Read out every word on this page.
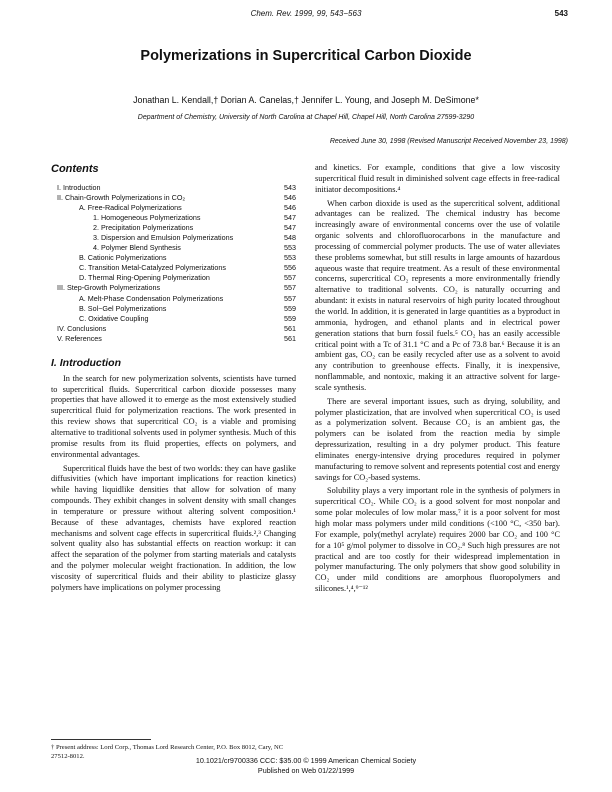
Chem. Rev. 1999, 99, 543−563	543
Polymerizations in Supercritical Carbon Dioxide
Jonathan L. Kendall,† Dorian A. Canelas,† Jennifer L. Young, and Joseph M. DeSimone*
Department of Chemistry, University of North Carolina at Chapel Hill, Chapel Hill, North Carolina 27599-3290
Received June 30, 1998 (Revised Manuscript Received November 23, 1998)
Contents
I. Introduction	543
II. Chain-Growth Polymerizations in CO₂	546
A. Free-Radical Polymerizations	546
1. Homogeneous Polymerizations	547
2. Precipitation Polymerizations	547
3. Dispersion and Emulsion Polymerizations	548
4. Polymer Blend Synthesis	553
B. Cationic Polymerizations	553
C. Transition Metal-Catalyzed Polymerizations	556
D. Thermal Ring-Opening Polymerization	557
III. Step-Growth Polymerizations	557
A. Melt-Phase Condensation Polymerizations	557
B. Sol−Gel Polymerizations	559
C. Oxidative Coupling	559
IV. Conclusions	561
V. References	561
I. Introduction

In the search for new polymerization solvents, scientists have turned to supercritical fluids. Supercritical carbon dioxide possesses many properties that have allowed it to emerge as the most extensively studied supercritical fluid for polymerization reactions. The work presented in this review shows that supercritical CO₂ is a viable and promising alternative to traditional solvents used in polymer synthesis. Much of this promise results from its fluid properties, effects on polymers, and environmental advantages.

Supercritical fluids have the best of two worlds: they can have gaslike diffusivities (which have important implications for reaction kinetics) while having liquidlike densities that allow for solvation of many compounds. They exhibit changes in solvent density with small changes in temperature or pressure without altering solvent composition.¹ Because of these advantages, chemists have explored reaction mechanisms and solvent cage effects in supercritical fluids.²,³ Changing solvent quality also has substantial effects on reaction workup: it can affect the separation of the polymer from starting materials and catalysts and the polymer molecular weight fractionation. In addition, the low viscosity of supercritical fluids and their ability to plasticize glassy polymers have implications on polymer processing

and kinetics. For example, conditions that give a low viscosity supercritical fluid result in diminished solvent cage effects in free-radical initiator decompositions.⁴

When carbon dioxide is used as the supercritical solvent, additional advantages can be realized. The chemical industry has become increasingly aware of environmental concerns over the use of volatile organic solvents and chlorofluorocarbons in the manufacture and processing of commercial polymer products. The use of water alleviates these problems somewhat, but still results in large amounts of hazardous aqueous waste that require treatment. As a result of these environmental concerns, supercritical CO₂ represents a more environmentally friendly alternative to traditional solvents. CO₂ is naturally occurring and abundant: it exists in natural reservoirs of high purity located throughout the world. In addition, it is generated in large quantities as a byproduct in ammonia, hydrogen, and ethanol plants and in electrical power generation stations that burn fossil fuels.⁵ CO₂ has an easily accessible critical point with a Tc of 31.1 °C and a Pc of 73.8 bar.⁶ Because it is an ambient gas, CO₂ can be easily recycled after use as a solvent to avoid any contribution to greenhouse effects. Finally, it is inexpensive, nonflammable, and nontoxic, making it an attractive solvent for large-scale synthesis.

There are several important issues, such as drying, solubility, and polymer plasticization, that are involved when supercritical CO₂ is used as a polymerization solvent. Because CO₂ is an ambient gas, the polymers can be isolated from the reaction media by simple depressurization, resulting in a dry polymer product. This feature eliminates energy-intensive drying procedures required in polymer manufacturing to remove solvent and represents potential cost and energy savings for CO₂-based systems.

Solubility plays a very important role in the synthesis of polymers in supercritical CO₂. While CO₂ is a good solvent for most nonpolar and some polar molecules of low molar mass,⁷ it is a poor solvent for most high molar mass polymers under mild conditions (<100 °C, <350 bar). For example, poly(methyl acrylate) requires 2000 bar CO₂ and 100 °C for a 10⁵ g/mol polymer to dissolve in CO₂.⁸ Such high pressures are not practical and are too costly for their widespread implementation in polymer manufacturing. The only polymers that show good solubility in CO₂ under mild conditions are amorphous fluoropolymers and silicones.¹,⁴,⁹⁻¹²

† Present address: Lord Corp., Thomas Lord Research Center, P.O. Box 8012, Cary, NC 27512-8012.	10.1021/cr9700336 CCC: $35.00 © 1999 American Chemical Society
Published on Web 01/22/1999
